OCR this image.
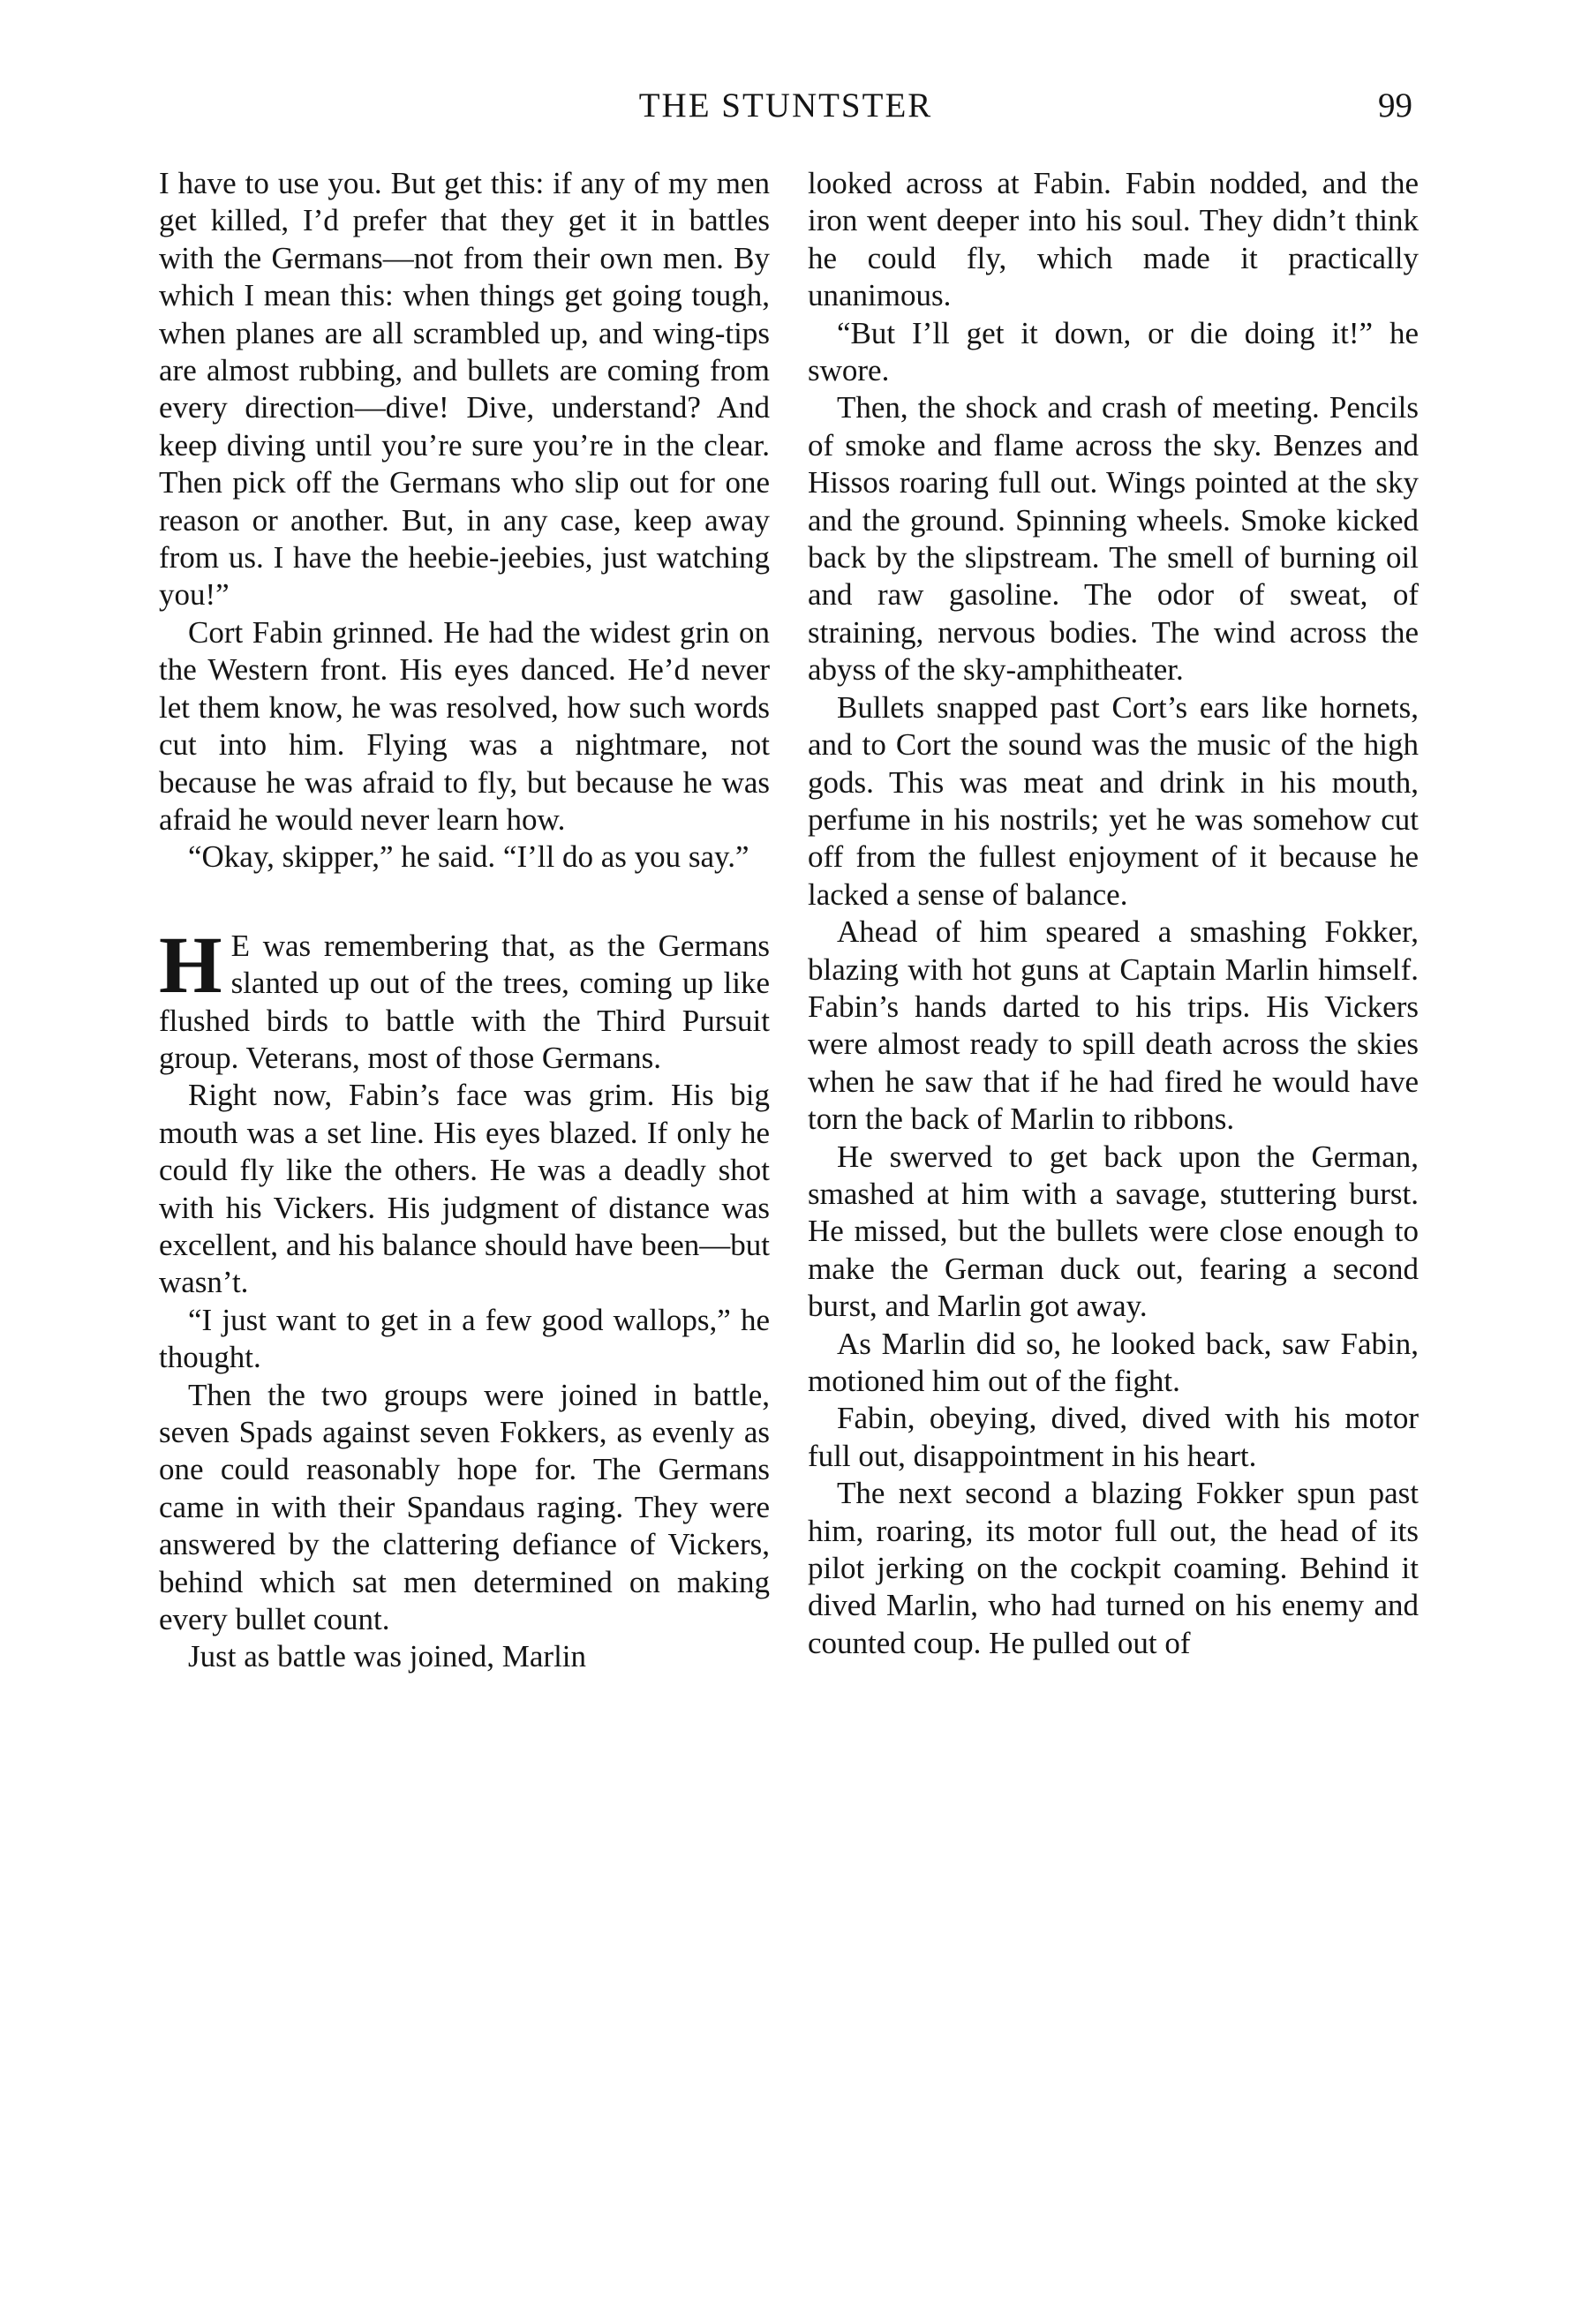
THE STUNTSTER	99

I have to use you. But get this: if any of my men get killed, I’d prefer that they get it in battles with the Germans—not from their own men. By which I mean this: when things get going tough, when planes are all scrambled up, and wing-tips are almost rubbing, and bullets are coming from every direction—dive! Dive, understand? And keep diving until you’re sure you’re in the clear. Then pick off the Germans who slip out for one reason or another. But, in any case, keep away from us. I have the heebie-jeebies, just watching you!”

Cort Fabin grinned. He had the widest grin on the Western front. His eyes danced. He’d never let them know, he was resolved, how such words cut into him. Flying was a nightmare, not because he was afraid to fly, but because he was afraid he would never learn how.

“Okay, skipper,” he said. “I’ll do as you say.”

H E was remembering that, as the Germans slanted up out of the trees, coming up like flushed birds to battle with the Third Pursuit group. Veterans, most of those Germans.

Right now, Fabin’s face was grim. His big mouth was a set line. His eyes blazed. If only he could fly like the others. He was a deadly shot with his Vickers. His judgment of distance was excellent, and his balance should have been—but wasn’t.

“I just want to get in a few good wallops,” he thought.

Then the two groups were joined in battle, seven Spads against seven Fokkers, as evenly as one could reasonably hope for. The Germans came in with their Spandaus raging. They were answered by the clattering defiance of Vickers, behind which sat men determined on making every bullet count.

Just as battle was joined, Marlin

looked across at Fabin. Fabin nodded, and the iron went deeper into his soul. They didn’t think he could fly, which made it practically unanimous.

“But I’ll get it down, or die doing it!” he swore.

Then, the shock and crash of meeting. Pencils of smoke and flame across the sky. Benzes and Hissos roaring full out. Wings pointed at the sky and the ground. Spinning wheels. Smoke kicked back by the slipstream. The smell of burning oil and raw gasoline. The odor of sweat, of straining, nervous bodies. The wind across the abyss of the sky-amphitheater.

Bullets snapped past Cort’s ears like hornets, and to Cort the sound was the music of the high gods. This was meat and drink in his mouth, perfume in his nostrils; yet he was somehow cut off from the fullest enjoyment of it because he lacked a sense of balance.

Ahead of him speared a smashing Fokker, blazing with hot guns at Captain Marlin himself. Fabin’s hands darted to his trips. His Vickers were almost ready to spill death across the skies when he saw that if he had fired he would have torn the back of Marlin to ribbons.

He swerved to get back upon the German, smashed at him with a savage, stuttering burst. He missed, but the bullets were close enough to make the German duck out, fearing a second burst, and Marlin got away.

As Marlin did so, he looked back, saw Fabin, motioned him out of the fight.

Fabin, obeying, dived, dived with his motor full out, disappointment in his heart.

The next second a blazing Fokker spun past him, roaring, its motor full out, the head of its pilot jerking on the cockpit coaming. Behind it dived Marlin, who had turned on his enemy and counted coup. He pulled out of
